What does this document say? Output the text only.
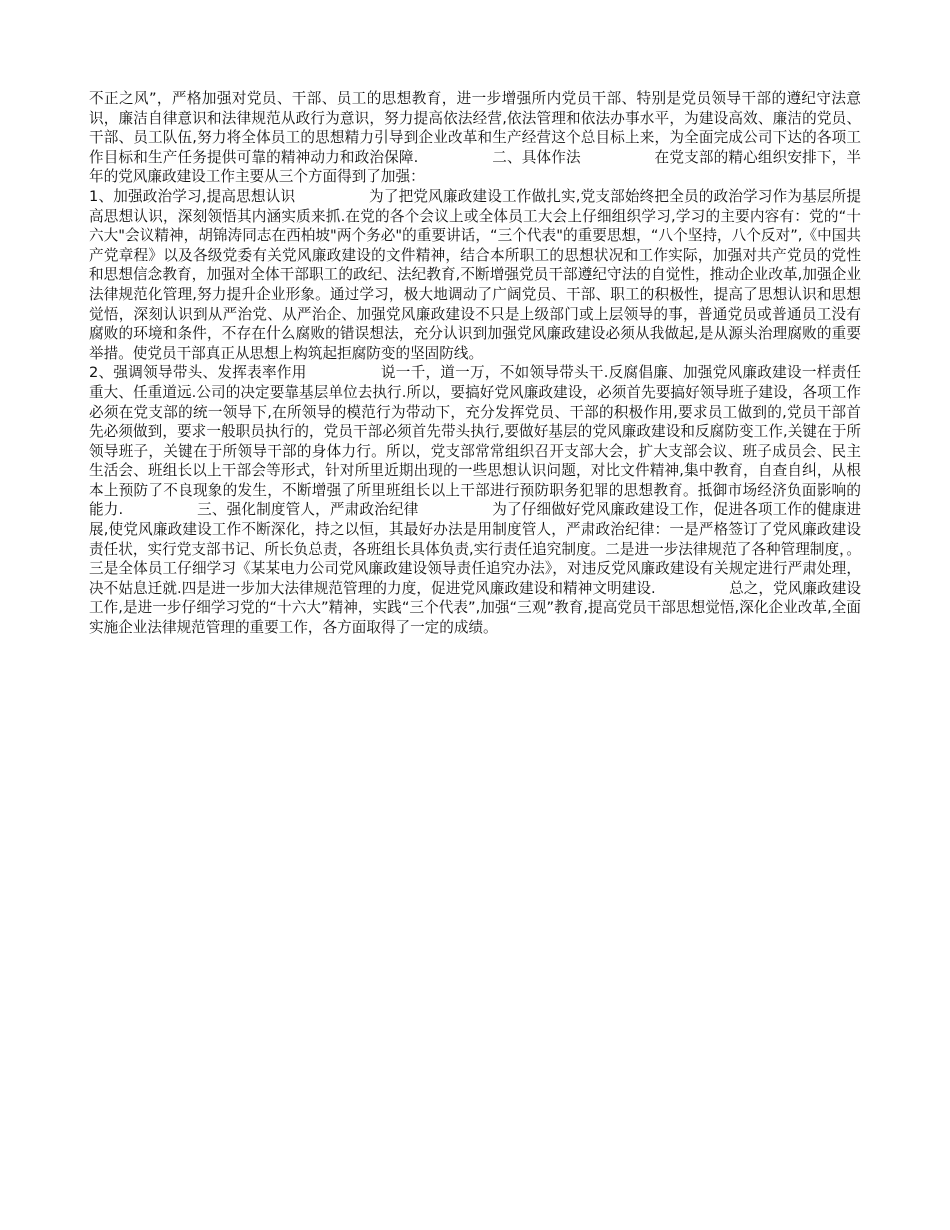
不正之风”，严格加强对党员、干部、员工的思想教育，进一步增强所内党员干部、特别是党员领导干部的遵纪守法意识，廉洁自律意识和法律规范从政行为意识，努力提高依法经营,依法管理和依法办事水平，为建设高效、廉洁的党员、干部、员工队伍,努力将全体员工的思想精力引导到企业改革和生产经营这个总目标上来，为全面完成公司下达的各项工作目标和生产任务提供可靠的精神动力和政治保障.　　　　　二、具体作法　　　　　在党支部的精心组织安排下，半年的党风廉政建设工作主要从三个方面得到了加强：

1、加强政治学习,提高思想认识　　　　　为了把党风廉政建设工作做扎实,党支部始终把全员的政治学习作为基层所提高思想认识，深刻领悟其内涵实质来抓.在党的各个会议上或全体员工大会上仔细组织学习,学习的主要内容有：党的“十六大"会议精神，胡锦涛同志在西柏坡"两个务必"的重要讲话，“三个代表"的重要思想，“八个坚持，八个反对”,《中国共产党章程》以及各级党委有关党风廉政建设的文件精神，结合本所职工的思想状况和工作实际，加强对共产党员的党性和思想信念教育，加强对全体干部职工的政纪、法纪教育,不断增强党员干部遵纪守法的自觉性，推动企业改革,加强企业法律规范化管理,努力提升企业形象。通过学习，极大地调动了广阔党员、干部、职工的积极性，提高了思想认识和思想觉悟，深刻认识到从严治党、从严治企、加强党风廉政建设不只是上级部门或上层领导的事，普通党员或普通员工没有腐败的环境和条件，不存在什么腐败的错误想法，充分认识到加强党风廉政建设必须从我做起,是从源头治理腐败的重要举措。使党员干部真正从思想上构筑起拒腐防变的坚固防线。

2、强调领导带头、发挥表率作用　　　　　说一千，道一万，不如领导带头干.反腐倡廉、加强党风廉政建设一样责任重大、任重道远.公司的决定要靠基层单位去执行.所以，要搞好党风廉政建设，必须首先要搞好领导班子建设，各项工作必须在党支部的统一领导下,在所领导的模范行为带动下，充分发挥党员、干部的积极作用,要求员工做到的,党员干部首先必须做到，要求一般职员执行的，党员干部必须首先带头执行,要做好基层的党风廉政建设和反腐防变工作,关键在于所领导班子，关键在于所领导干部的身体力行。所以，党支部常常组织召开支部大会，扩大支部会议、班子成员会、民主生活会、班组长以上干部会等形式，针对所里近期出现的一些思想认识问题，对比文件精神,集中教育，自查自纠，从根本上预防了不良现象的发生，不断增强了所里班组长以上干部进行预防职务犯罪的思想教育。抵御市场经济负面影响的能力.　　　　　三、强化制度管人，严肃政治纪律　　　　　为了仔细做好党风廉政建设工作，促进各项工作的健康进展,使党风廉政建设工作不断深化，持之以恒，其最好办法是用制度管人，严肃政治纪律：一是严格签订了党风廉政建设责任状，实行党支部书记、所长负总责，各班组长具体负责,实行责任追究制度。二是进一步法律规范了各种管理制度，。三是全体员工仔细学习《某某电力公司党风廉政建设领导责任追究办法》，对违反党风廉政建设有关规定进行严肃处理，决不姑息迁就.四是进一步加大法律规范管理的力度，促进党风廉政建设和精神文明建设.　　　　　总之，党风廉政建设工作,是进一步仔细学习党的“十六大”精神，实践“三个代表”,加强“三观”教育,提高党员干部思想觉悟,深化企业改革,全面实施企业法律规范管理的重要工作，各方面取得了一定的成绩。
